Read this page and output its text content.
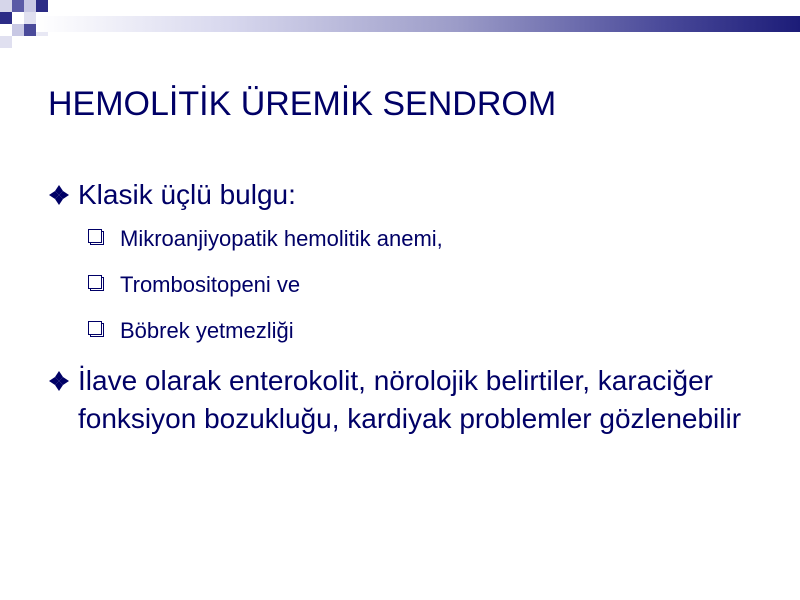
HEMOLİTİK ÜREMİK SENDROM
Klasik üçlü bulgu:
Mikroanjiyopatik hemolitik anemi,
Trombositopeni ve
Böbrek yetmezliği
İlave olarak enterokolit, nörolojik belirtiler, karaciğer fonksiyon bozukluğu, kardiyak problemler gözlenebilir
